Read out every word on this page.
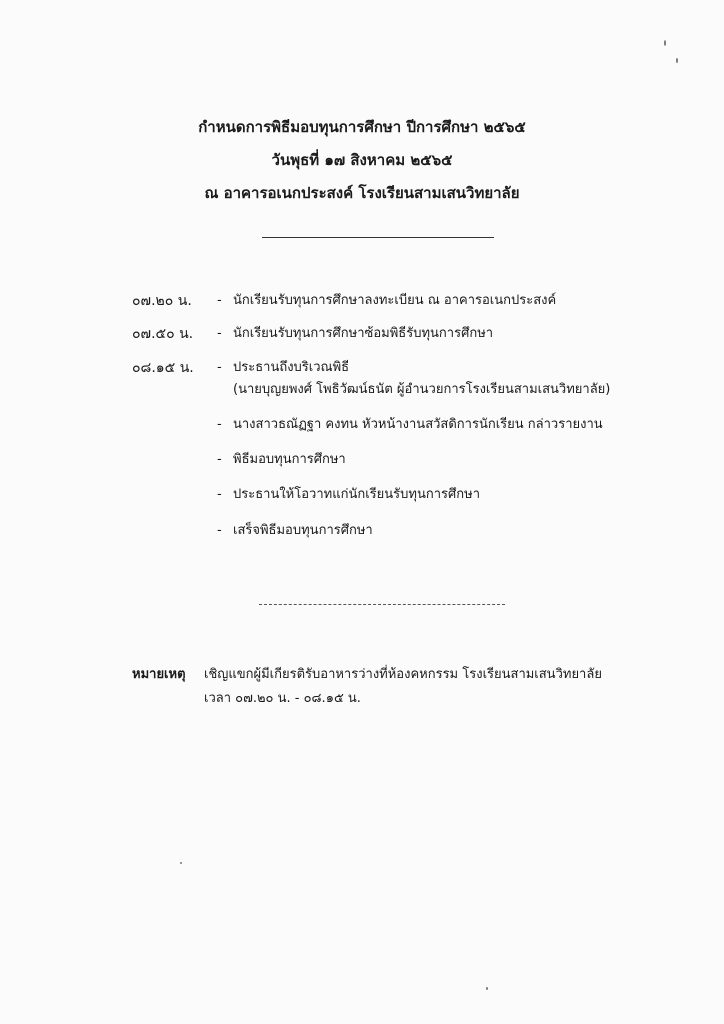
กำหนดการพิธีมอบทุนการศึกษา ปีการศึกษา ๒๕๖๕
วันพุธที่ ๑๗ สิงหาคม ๒๕๖๕
ณ อาคารอเนกประสงค์ โรงเรียนสามเสนวิทยาลัย
๐๗.๒๐ น. - นักเรียนรับทุนการศึกษาลงทะเบียน ณ อาคารอเนกประสงค์
๐๗.๕๐ น. - นักเรียนรับทุนการศึกษาซ้อมพิธีรับทุนการศึกษา
๐๘.๑๕ น. - ประธานถึงบริเวณพิธี
(นายบุญยพงศ์ โพธิวัฒน์ธนัต ผู้อำนวยการโรงเรียนสามเสนวิทยาลัย)
- นางสาวธณัฏฐา คงทน หัวหน้างานสวัสดิการนักเรียน กล่าวรายงาน
- พิธีมอบทุนการศึกษา
- ประธานให้โอวาทแก่นักเรียนรับทุนการศึกษา
- เสร็จพิธีมอบทุนการศึกษา
หมายเหตุ เชิญแขกผู้มีเกียรติรับอาหารว่างที่ห้องคหกรรม โรงเรียนสามเสนวิทยาลัย
เวลา ๐๗.๒๐ น. - ๐๘.๑๕ น.
